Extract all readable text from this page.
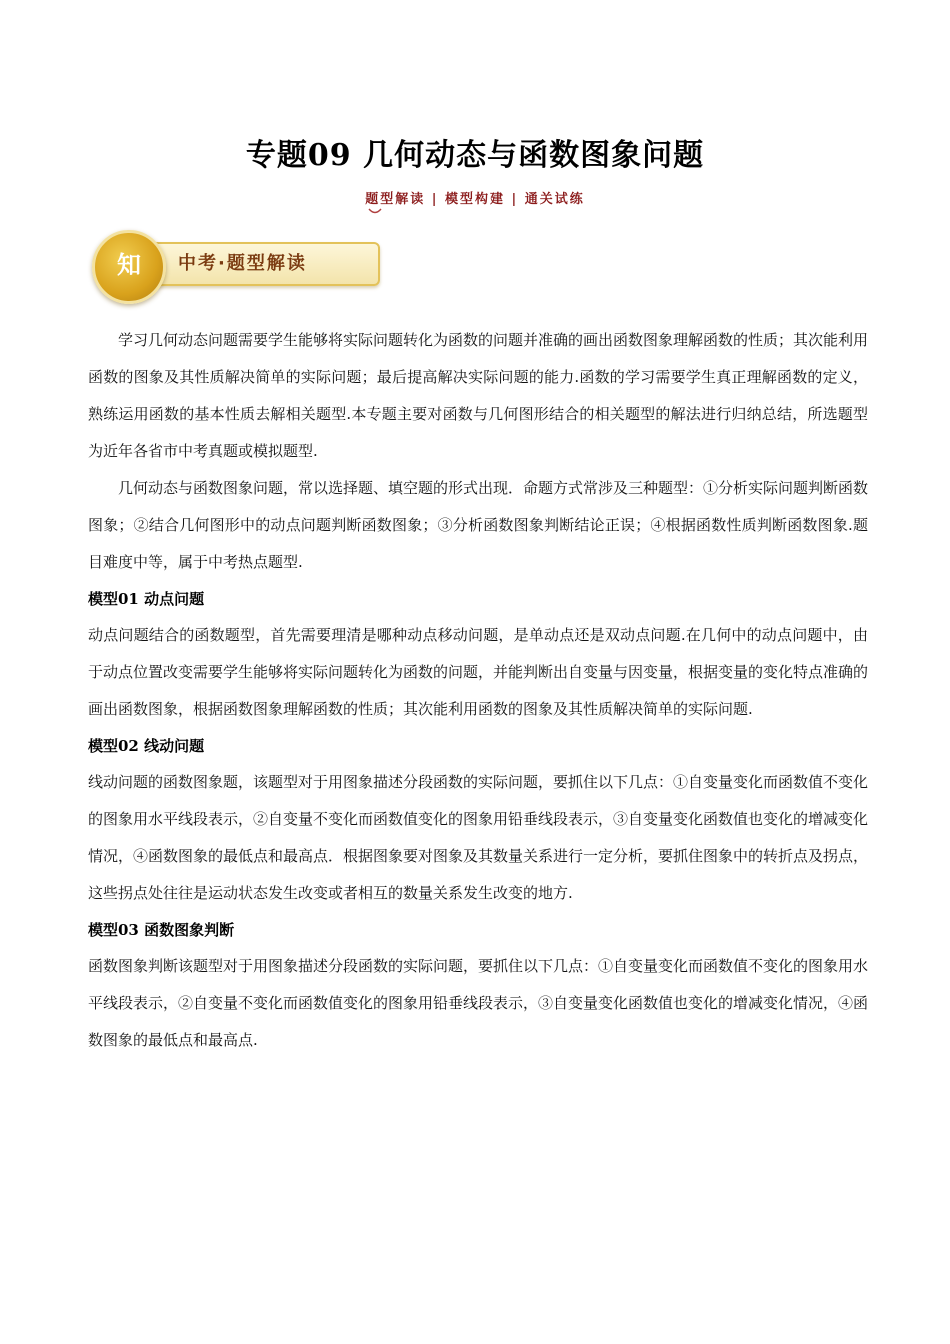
专题09 几何动态与函数图象问题
题型解读 | 模型构建 | 通关试练
知	中考·题型解读

学习几何动态问题需要学生能够将实际问题转化为函数的问题并准确的画出函数图象理解函数的性质；其次能利用函数的图象及其性质解决简单的实际问题；最后提高解决实际问题的能力.函数的学习需要学生真正理解函数的定义，熟练运用函数的基本性质去解相关题型.本专题主要对函数与几何图形结合的相关题型的解法进行归纳总结，所选题型为近年各省市中考真题或模拟题型.

几何动态与函数图象问题，常以选择题、填空题的形式出现．命题方式常涉及三种题型：①分析实际问题判断函数图象；②结合几何图形中的动点问题判断函数图象；③分析函数图象判断结论正误；④根据函数性质判断函数图象.题目难度中等，属于中考热点题型.

模型01 动点问题

动点问题结合的函数题型，首先需要理清是哪种动点移动问题，是单动点还是双动点问题.在几何中的动点问题中，由于动点位置改变需要学生能够将实际问题转化为函数的问题，并能判断出自变量与因变量，根据变量的变化特点准确的画出函数图象，根据函数图象理解函数的性质；其次能利用函数的图象及其性质解决简单的实际问题.

模型02 线动问题

线动问题的函数图象题，该题型对于用图象描述分段函数的实际问题，要抓住以下几点：①自变量变化而函数值不变化的图象用水平线段表示，②自变量不变化而函数值变化的图象用铅垂线段表示，③自变量变化函数值也变化的增减变化情况，④函数图象的最低点和最高点．根据图象要对图象及其数量关系进行一定分析，要抓住图象中的转折点及拐点，这些拐点处往往是运动状态发生改变或者相互的数量关系发生改变的地方.

模型03 函数图象判断

函数图象判断该题型对于用图象描述分段函数的实际问题，要抓住以下几点：①自变量变化而函数值不变化的图象用水平线段表示，②自变量不变化而函数值变化的图象用铅垂线段表示，③自变量变化函数值也变化的增减变化情况，④函数图象的最低点和最高点.
